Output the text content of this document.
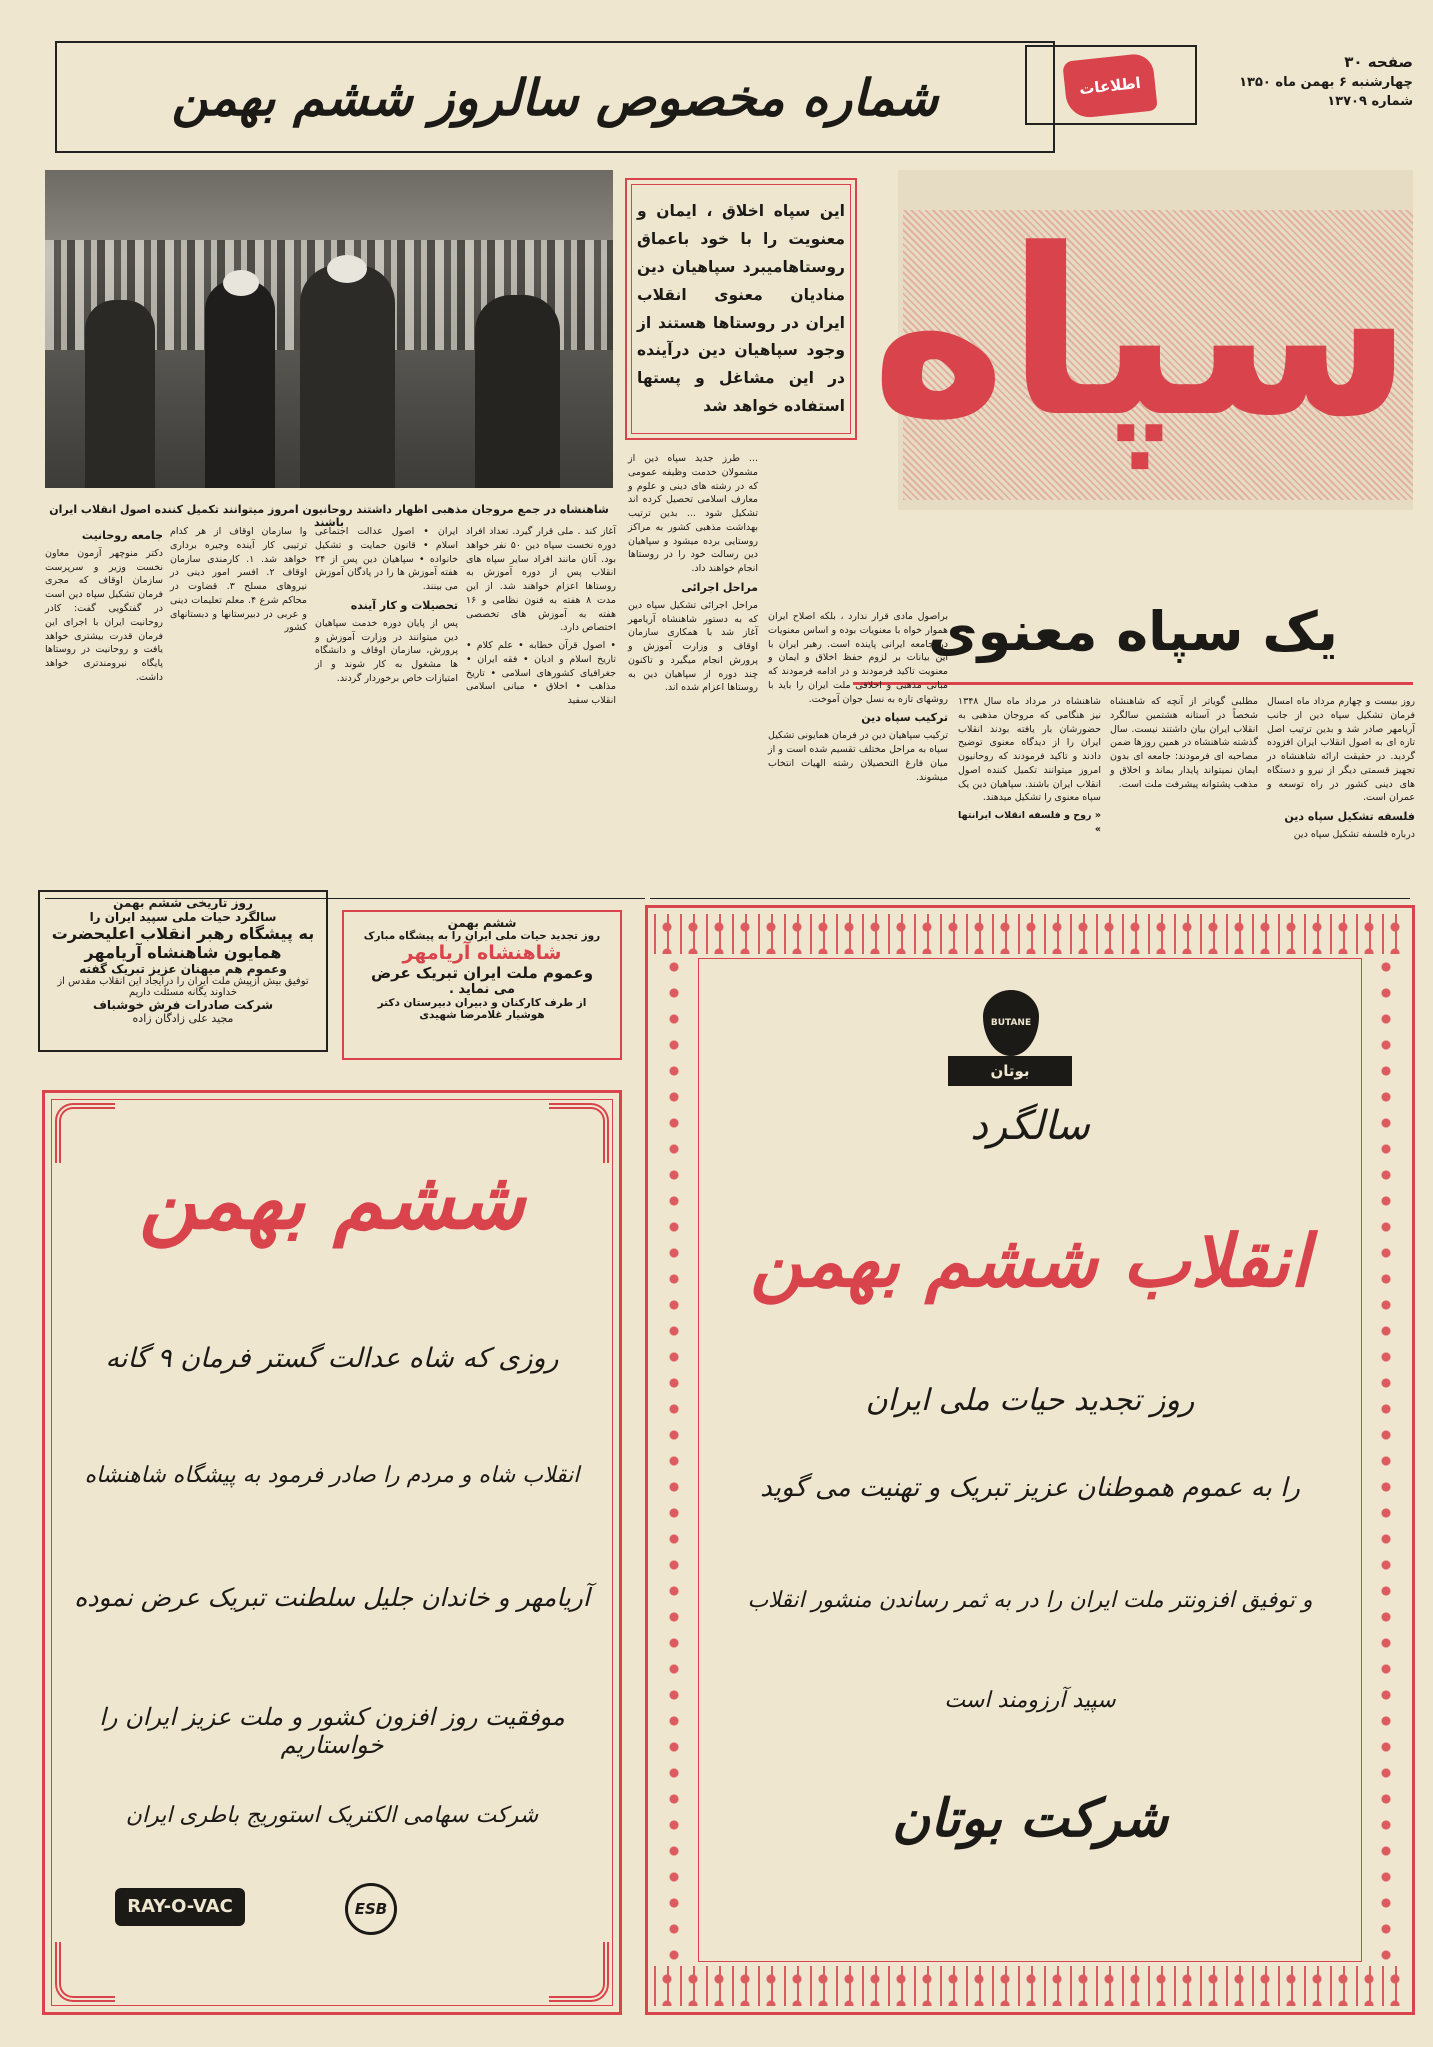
اطلاعات
صفحه ۳۰
چهارشنبه ۶ بهمن ماه ۱۳۵۰
شماره ۱۳۷۰۹
شماره مخصوص سالروز ششم بهمن
سپاه
یک سپاه معنوی
این سپاه اخلاق ، ایمان و معنویت را با خود باعماق روستاهامیبرد سپاهیان دین منادیان معنوی انقلاب ایران در روستاها هستند از وجود سپاهیان دین درآینده در این مشاغل و پستها استفاده خواهد شد
شاهنشاه در جمع مروجان مذهبی اظهار داشتند روحانیون امروز میتوانند تکمیل کننده اصول انقلاب ایران باشند

... طرز جدید سپاه دین از مشمولان خدمت وظیفه عمومی که در رشته های دینی و علوم و معارف اسلامی تحصیل کرده اند تشکیل شود ... بدین ترتیب بهداشت مذهبی کشور به مراکز روستایی برده میشود و سپاهیان دین رسالت خود را در روستاها انجام خواهند داد.

مراحل اجرائی

مراحل اجرائی تشکیل سپاه دین که به دستور شاهنشاه آریامهر آغاز شد با همکاری سازمان اوقاف و وزارت آموزش و پرورش انجام میگیرد و تاکنون چند دوره از سپاهیان دین به روستاها اعزام شده اند.

براصول مادی قرار ندارد ، بلکه اصلاح ایران هموار خواه با معنویات بوده و اساس معنویات در جامعه ایرانی پاینده است. رهبر ایران با این بیانات بر لزوم حفظ اخلاق و ایمان و معنویت تاکید فرمودند و در ادامه فرمودند که مبانی مذهبی و اخلاقی ملت ایران را باید با روشهای تازه به نسل جوان آموخت.

ترکیب سپاه دین

ترکیب سپاهیان دین در فرمان همایونی تشکیل سپاه به مراحل مختلف تقسیم شده است و از میان فارغ التحصیلان رشته الهیات انتخاب میشوند.

شاهنشاه در مرداد ماه سال ۱۳۴۸ نیز هنگامی که مروجان مذهبی به حضورشان بار یافته بودند انقلاب ایران را از دیدگاه معنوی توضیح دادند و تاکید فرمودند که روحانیون امروز میتوانند تکمیل کننده اصول انقلاب ایران باشند. سپاهیان دین یک سپاه معنوی را تشکیل میدهند.

« روح و فلسفه انقلاب ایرانتها »

مطلبی گویاتر از آنچه که شاهنشاه شخصاً در آستانه هشتمین سالگرد انقلاب ایران بیان داشتند نیست. سال گذشته شاهنشاه در همین روزها ضمن مصاحبه ای فرمودند: جامعه ای بدون ایمان نمیتواند پایدار بماند و اخلاق و مذهب پشتوانه پیشرفت ملت است.

روز بیست و چهارم مرداد ماه امسال فرمان تشکیل سپاه دین از جانب آریامهر صادر شد و بدین ترتیب اصل تازه ای به اصول انقلاب ایران افزوده گردید. در حقیقت ارائه شاهنشاه در تجهیز قسمتی دیگر از نیرو و دستگاه های دینی کشور در راه توسعه و عمران است.

فلسفه تشکیل سپاه دین

درباره فلسفه تشکیل سپاه دین

آغاز کند . ملی قرار گیرد. تعداد افراد دوره نخست سپاه دین ۵۰ نفر خواهد بود. آنان مانند افراد سایر سپاه های انقلاب پس از دوره آموزش به روستاها اعزام خواهند شد. از این مدت ۸ هفته به فنون نظامی و ۱۶ هفته به آموزش های تخصصی اختصاص دارد.

• اصول قرآن خطابه • علم کلام • تاریخ اسلام و ادیان • فقه ایران • جغرافیای کشورهای اسلامی • تاریخ مذاهب • اخلاق • مبانی اسلامی انقلاب سفید

ایران • اصول عدالت اجتماعی اسلام • قانون حمایت و تشکیل خانواده • سپاهیان دین پس از ۲۴ هفته آموزش ها را در پادگان آموزش می بینند.

تحصیلات و کار آینده

پس از پایان دوره خدمت سپاهیان دین میتوانند در وزارت آموزش و پرورش، سازمان اوقاف و دانشگاه ها مشغول به کار شوند و از امتیازات خاص برخوردار گردند.

وا سازمان اوقاف از هر کدام ترتیبی کار آینده وجیره برداری خواهد شد. ۱. کارمندی سازمان اوقاف ۲. افسر امور دینی در نیروهای مسلح ۳. قضاوت در محاکم شرع ۴. معلم تعلیمات دینی و عربی در دبیرستانها و دبستانهای کشور

جامعه روحانیت

دکتر منوچهر آزمون معاون نخست وزیر و سرپرست سازمان اوقاف که مجری فرمان تشکیل سپاه دین است در گفتگویی گفت: کادر روحانیت ایران با اجرای این فرمان قدرت بیشتری خواهد یافت و روحانیت در روستاها پایگاه نیرومندتری خواهد داشت.

روز تاریخی ششم بهمن
سالگرد حیات ملی سپید ایران را
به پیشگاه رهبر انقلاب اعلیحضرت
همایون شاهنشاه آریامهر
وعموم هم میهنان عزیز تبریک گفته
توفیق بیش ازپیش ملت ایران را درایجاد این انقلاب مقدس از خداوند یگانه مسئلت داریم
شرکت صادرات فرش خوشباف
مجید علی زادگان زاده
ششم بهمن
روز تجدید حیات ملی ایران را به پیشگاه مبارک
شاهنشاه آریامهر
وعموم ملت ایران تبریک عرض
می نماید .
از طرف کارکنان و دبیران دبیرستان دکتر
هوشیار غلامرضا شهیدی
ششم بهمن
روزی که شاه عدالت گستر فرمان ۹ گانه
انقلاب شاه و مردم را صادر فرمود به پیشگاه شاهنشاه
آریامهر و خاندان جلیل سلطنت تبریک عرض نموده
موفقیت روز افزون کشور و ملت عزیز ایران را خواستاریم
شرکت سهامی الکتریک استوریج باطری ایران
RAY-O-VAC	ESB
BUTANE
بوتان
سالگرد
انقلاب ششم بهمن
روز تجدید حیات ملی ایران
را به عموم هموطنان عزیز تبریک و تهنیت می گوید
و توفیق افزونتر ملت ایران را در به ثمر رساندن منشور انقلاب
سپید آرزومند است
شرکت بوتان
